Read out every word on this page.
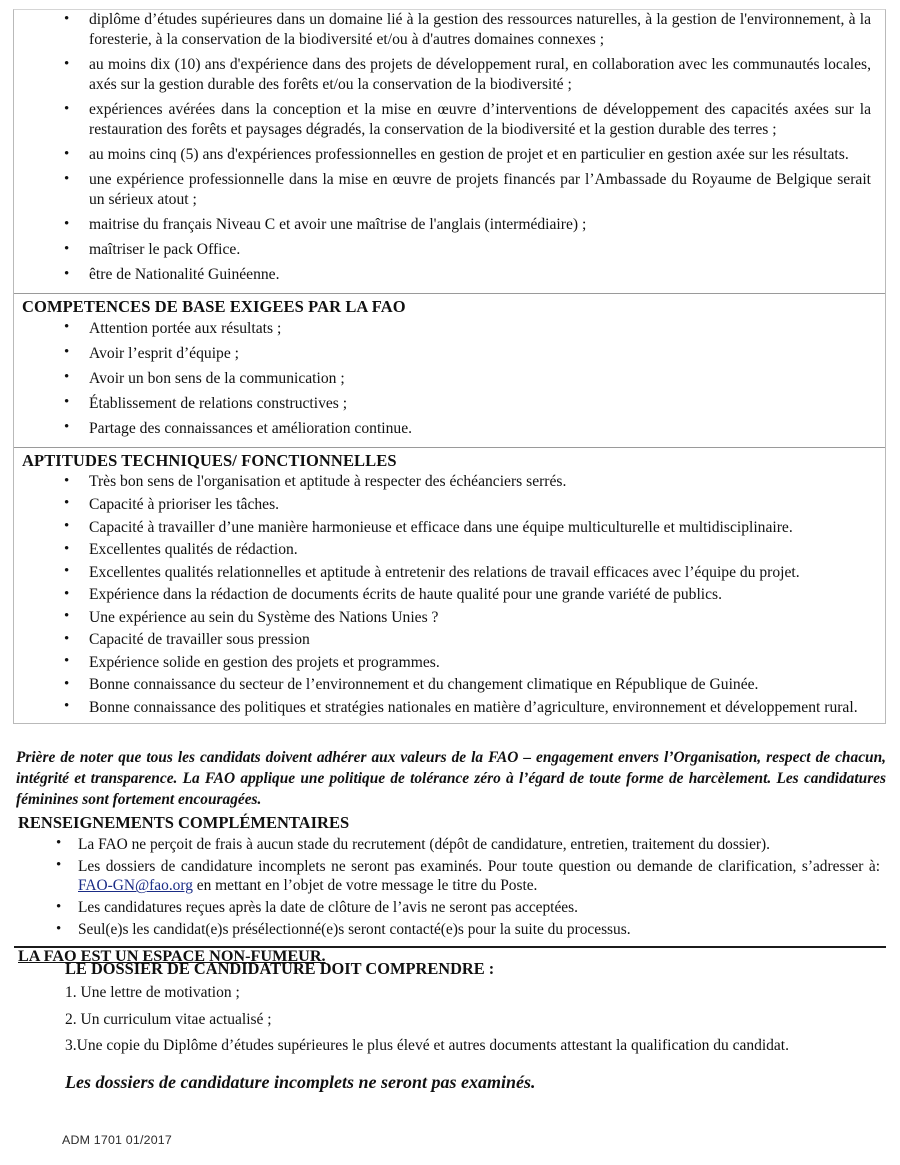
• diplôme d’études supérieures dans un domaine lié à la gestion des ressources naturelles, à la gestion de l'environnement, à la foresterie, à la conservation de la biodiversité et/ou à d'autres domaines connexes ;
• au moins dix (10) ans d'expérience dans des projets de développement rural, en collaboration avec les communautés locales, axés sur la gestion durable des forêts et/ou la conservation de la biodiversité ;
• expériences avérées dans la conception et la mise en œuvre d’interventions de développement des capacités axées sur la restauration des forêts et paysages dégradés, la conservation de la biodiversité et la gestion durable des terres ;
• au moins cinq (5) ans d'expériences professionnelles en gestion de projet et en particulier en gestion axée sur les résultats.
• une expérience professionnelle dans la mise en œuvre de projets financés par l’Ambassade du Royaume de Belgique serait un sérieux atout ;
• maitrise du français Niveau C et avoir une maîtrise de l'anglais (intermédiaire) ;
• maîtriser le pack Office.
• être de Nationalité Guinéenne.
COMPETENCES DE BASE EXIGEES PAR LA FAO
• Attention portée aux résultats ;
• Avoir l’esprit d’équipe ;
• Avoir un bon sens de la communication ;
• Établissement de relations constructives ;
• Partage des connaissances et amélioration continue.
APTITUDES TECHNIQUES/ FONCTIONNELLES
• Très bon sens de l'organisation et aptitude à respecter des échéanciers serrés.
• Capacité à prioriser les tâches.
• Capacité à travailler d’une manière harmonieuse et efficace dans une équipe multiculturelle et multidisciplinaire.
• Excellentes qualités de rédaction.
• Excellentes qualités relationnelles et aptitude à entretenir des relations de travail efficaces avec l’équipe du projet.
• Expérience dans la rédaction de documents écrits de haute qualité pour une grande variété de publics.
• Une expérience au sein du Système des Nations Unies ?
• Capacité de travailler sous pression
• Expérience solide en gestion des projets et programmes.
• Bonne connaissance du secteur de l’environnement et du changement climatique en République de Guinée.
• Bonne connaissance des politiques et stratégies nationales en matière d’agriculture, environnement et développement rural.

Prière de noter que tous les candidats doivent adhérer aux valeurs de la FAO – engagement envers l’Organisation, respect de chacun, intégrité et transparence. La FAO applique une politique de tolérance zéro à l’égard de toute forme de harcèlement. Les candidatures féminines sont fortement encouragées.

RENSEIGNEMENTS COMPLÉMENTAIRES
• La FAO ne perçoit de frais à aucun stade du recrutement (dépôt de candidature, entretien, traitement du dossier).
• Les dossiers de candidature incomplets ne seront pas examinés. Pour toute question ou demande de clarification, s’adresser à: FAO-GN@fao.org en mettant en l’objet de votre message le titre du Poste.
• Les candidatures reçues après la date de clôture de l’avis ne seront pas acceptées.
• Seul(e)s les candidat(e)s présélectionné(e)s seront contacté(e)s pour la suite du processus.
LA FAO EST UN ESPACE NON-FUMEUR.
LE DOSSIER DE CANDIDATURE DOIT COMPRENDRE :
1. Une lettre de motivation ;
2. Un curriculum vitae actualisé ;
3.Une copie du Diplôme d’études supérieures le plus élevé et autres documents attestant la qualification du candidat.
Les dossiers de candidature incomplets ne seront pas examinés.
ADM 1701 01/2017
